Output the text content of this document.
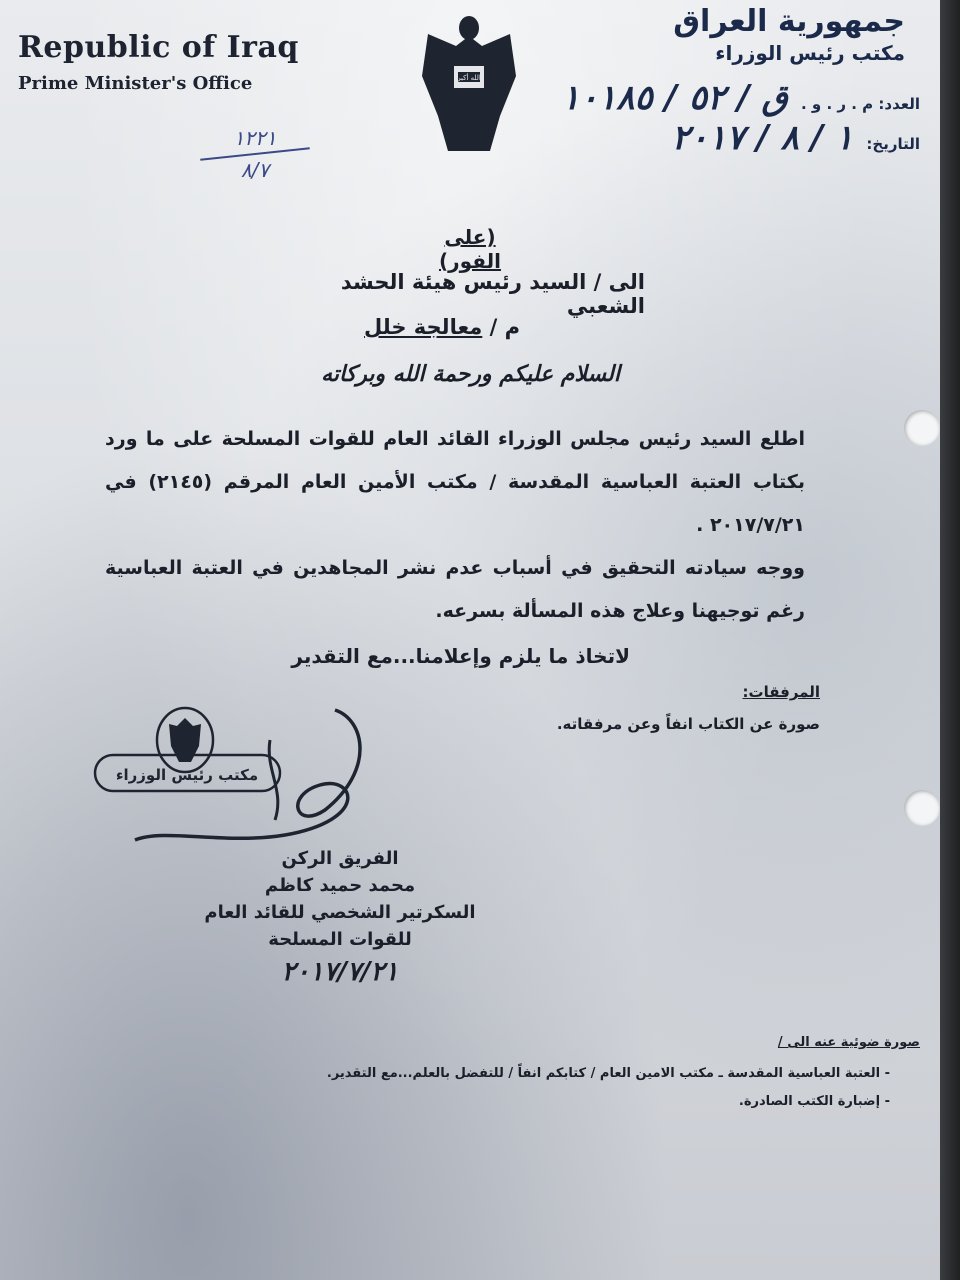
Republic of Iraq
Prime Minister's Office	الله أكبر
جمهورية العراق
مكتب رئيس الوزراء
العدد: م . ر . و . ق / ٥٢ / ١٠١٨٥
التاريخ: ١ / ٨ / ٢٠١٧
١٢٢١
٨/٧
(على الفور)
الى / السيد رئيس هيئة الحشد الشعبي
م / معالجة خلل
السلام عليكم ورحمة الله وبركاته

اطلع السيد رئيس مجلس الوزراء القائد العام للقوات المسلحة على ما ورد بكتاب العتبة العباسية المقدسة / مكتب الأمين العام المرقم (٢١٤٥) في ٢٠١٧/٧/٢١ .

ووجه سيادته التحقيق في أسباب عدم نشر المجاهدين في العتبة العباسية رغم توجيهنا وعلاج هذه المسألة بسرعه.

لاتخاذ ما يلزم وإعلامنا...مع التقدير
المرفقات:
صورة عن الكتاب انفاً وعن مرفقاته.
مكتب رئيس الوزراء
الفريق الركن
محمد حميد كاظم
السكرتير الشخصي للقائد العام
للقوات المسلحة
٢٠١٧/٧/٢١
صورة ضوئية عنه الى /
- العتبة العباسية المقدسة ـ مكتب الامين العام / كتابكم انفاً / للتفضل بالعلم...مع التقدير.
- إضبارة الكتب الصادرة.
